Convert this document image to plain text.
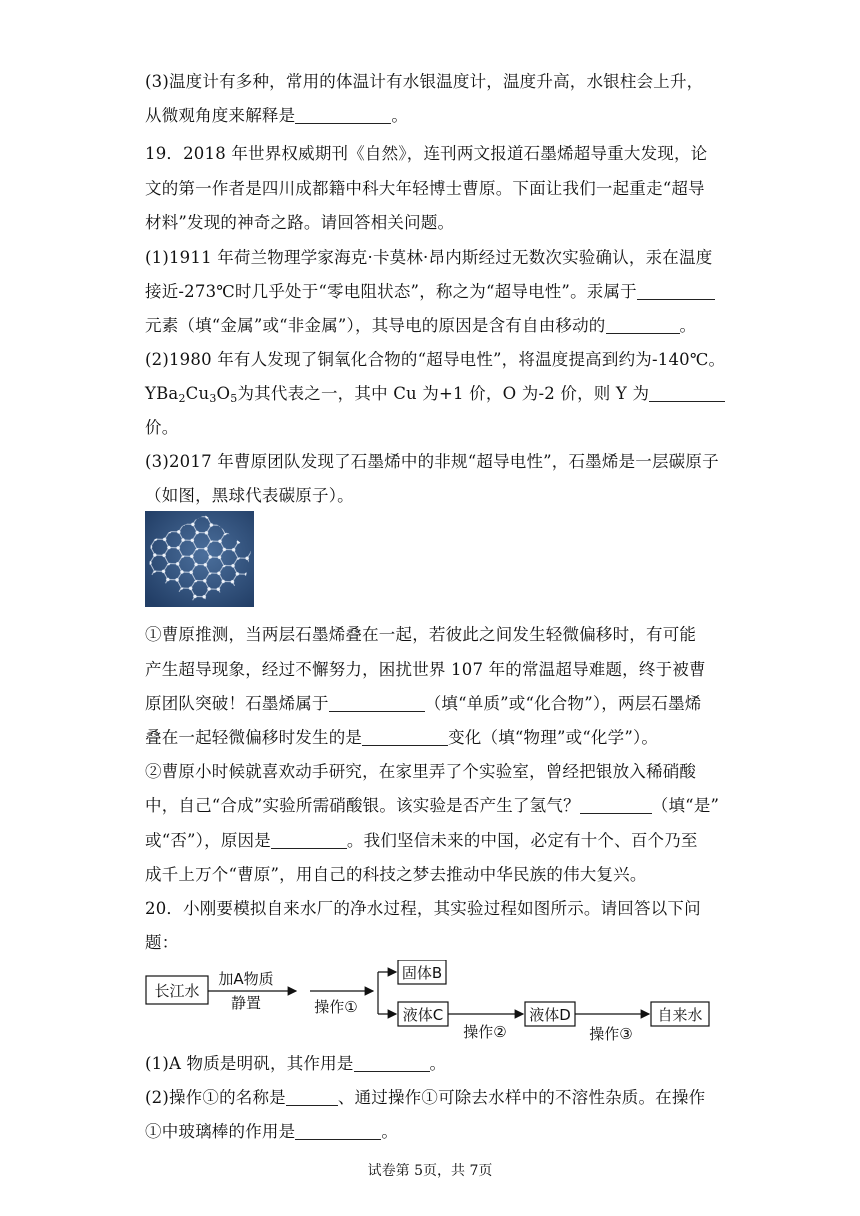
(3)温度计有多种，常用的体温计有水银温度计，温度升高，水银柱会上升，
从微观角度来解释是	。
19．2018 年世界权威期刊《自然》，连刊两文报道石墨烯超导重大发现，论
文的第一作者是四川成都籍中科大年轻博士曹原。下面让我们一起重走“超导
材料”发现的神奇之路。请回答相关问题。
(1)1911 年荷兰物理学家海克·卡莫林·昂内斯经过无数次实验确认，汞在温度
接近-273℃时几乎处于“零电阻状态”，称之为“超导电性”。汞属于
元素（填“金属”或“非金属”），其导电的原因是含有自由移动的	。
(2)1980 年有人发现了铜氧化合物的“超导电性”，将温度提高到约为-140℃。
$YBa_2Cu_3O_5$为其代表之一，其中 Cu 为+1 价，O 为-2 价，则 Y 为
价。
(3)2017 年曹原团队发现了石墨烯中的非规“超导电性”，石墨烯是一层碳原子
（如图，黑球代表碳原子）。
①曹原推测，当两层石墨烯叠在一起，若彼此之间发生轻微偏移时，有可能
产生超导现象，经过不懈努力，困扰世界 107 年的常温超导难题，终于被曹
原团队突破！石墨烯属于	（填“单质”或“化合物”），两层石墨烯
叠在一起轻微偏移时发生的是	变化（填“物理”或“化学”）。
②曹原小时候就喜欢动手研究，在家里弄了个实验室，曾经把银放入稀硝酸
中，自己“合成”实验所需硝酸银。该实验是否产生了氢气？	（填“是”
或“否”），原因是	。我们坚信未来的中国，必定有十个、百个乃至
成千上万个“曹原”，用自己的科技之梦去推动中华民族的伟大复兴。
20．小刚要模拟自来水厂的净水过程，其实验过程如图所示。请回答以下问
题：
长江水
固体B
液体C	液体D	自来水
加A物质
静置	操作①
操作②	操作③
(1)A 物质是明矾，其作用是	。
(2)操作①的名称是	、通过操作①可除去水样中的不溶性杂质。在操作
①中玻璃棒的作用是	。
试卷第 5页，共 7页
